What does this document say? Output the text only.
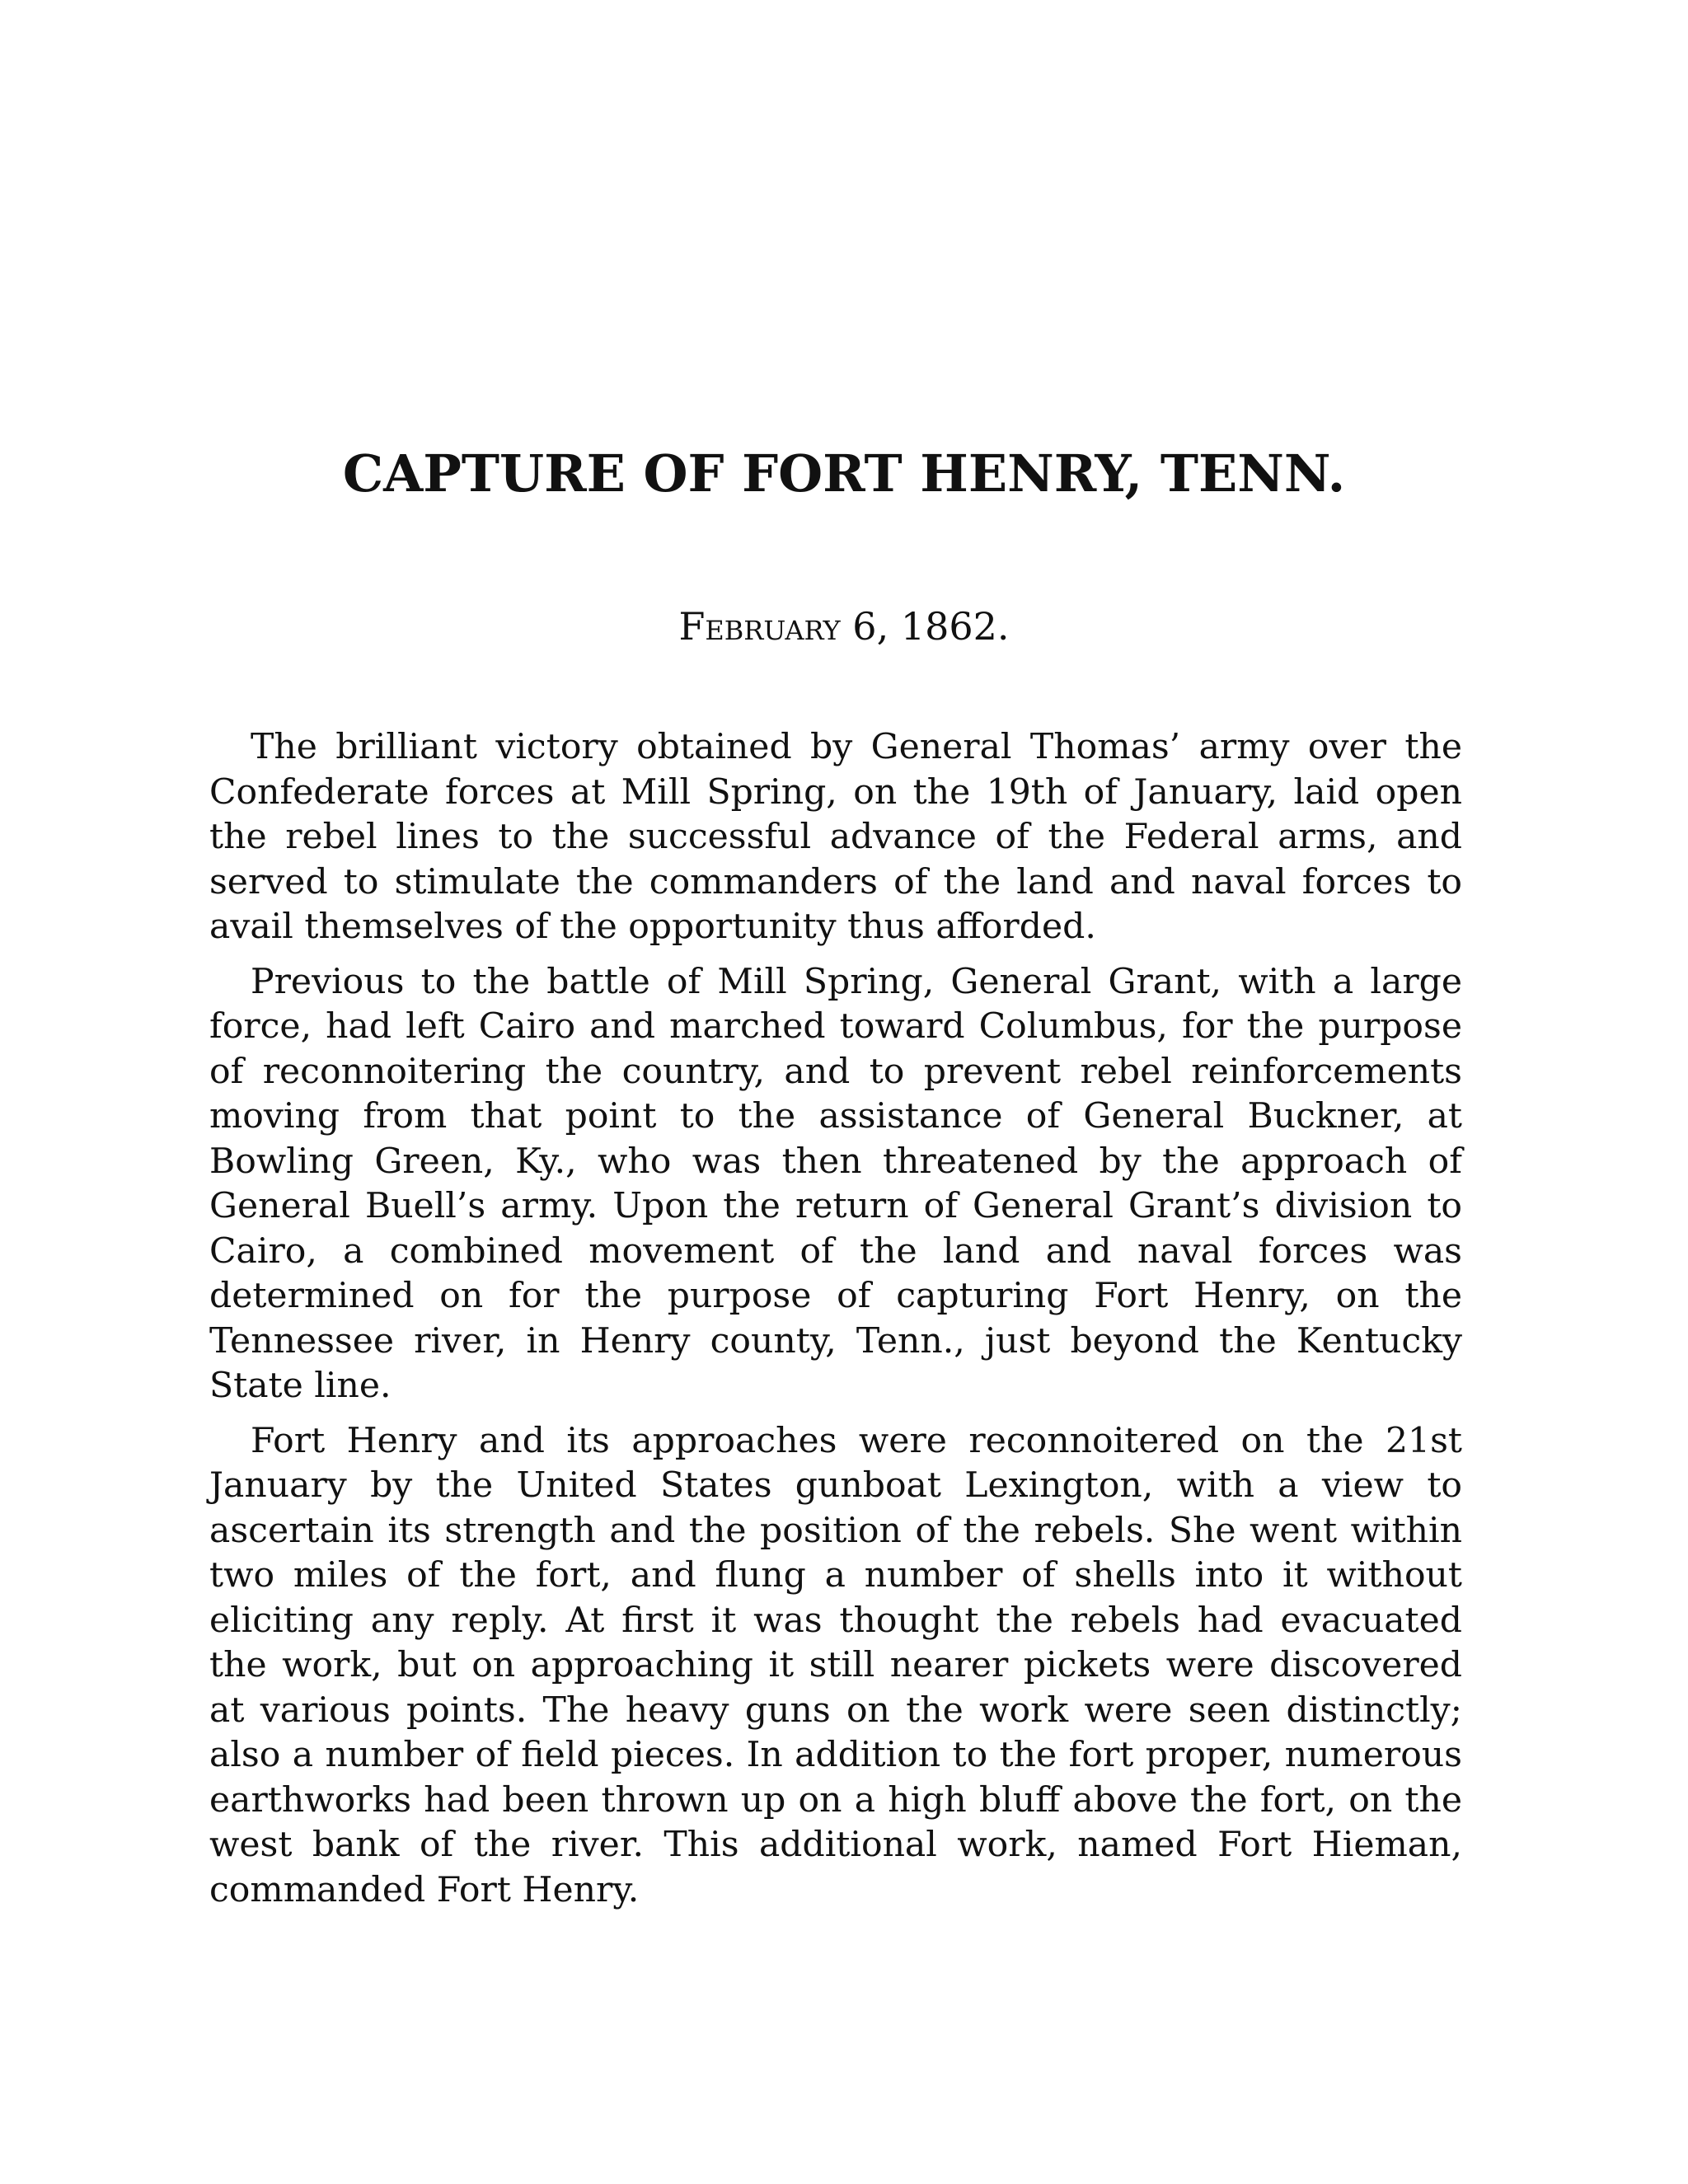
CAPTURE OF FORT HENRY, TENN.

February 6, 1862.

The brilliant victory obtained by General Thomas’ army over the Confederate forces at Mill Spring, on the 19th of January, laid open the rebel lines to the successful advance of the Federal arms, and served to stimulate the commanders of the land and naval forces to avail themselves of the opportunity thus afforded.

Previous to the battle of Mill Spring, General Grant, with a large force, had left Cairo and marched toward Columbus, for the purpose of reconnoitering the country, and to prevent rebel reinforcements moving from that point to the assistance of General Buckner, at Bowling Green, Ky., who was then threatened by the approach of General Buell’s army. Upon the return of General Grant’s division to Cairo, a combined movement of the land and naval forces was determined on for the purpose of capturing Fort Henry, on the Tennessee river, in Henry county, Tenn., just beyond the Kentucky State line.

Fort Henry and its approaches were reconnoitered on the 21st January by the United States gunboat Lexington, with a view to ascertain its strength and the position of the rebels. She went within two miles of the fort, and flung a number of shells into it without eliciting any reply. At first it was thought the rebels had evacuated the work, but on approaching it still nearer pickets were discovered at various points. The heavy guns on the work were seen distinctly; also a number of field pieces. In addition to the fort proper, numerous earthworks had been thrown up on a high bluff above the fort, on the west bank of the river. This additional work, named Fort Hieman, commanded Fort Henry.
